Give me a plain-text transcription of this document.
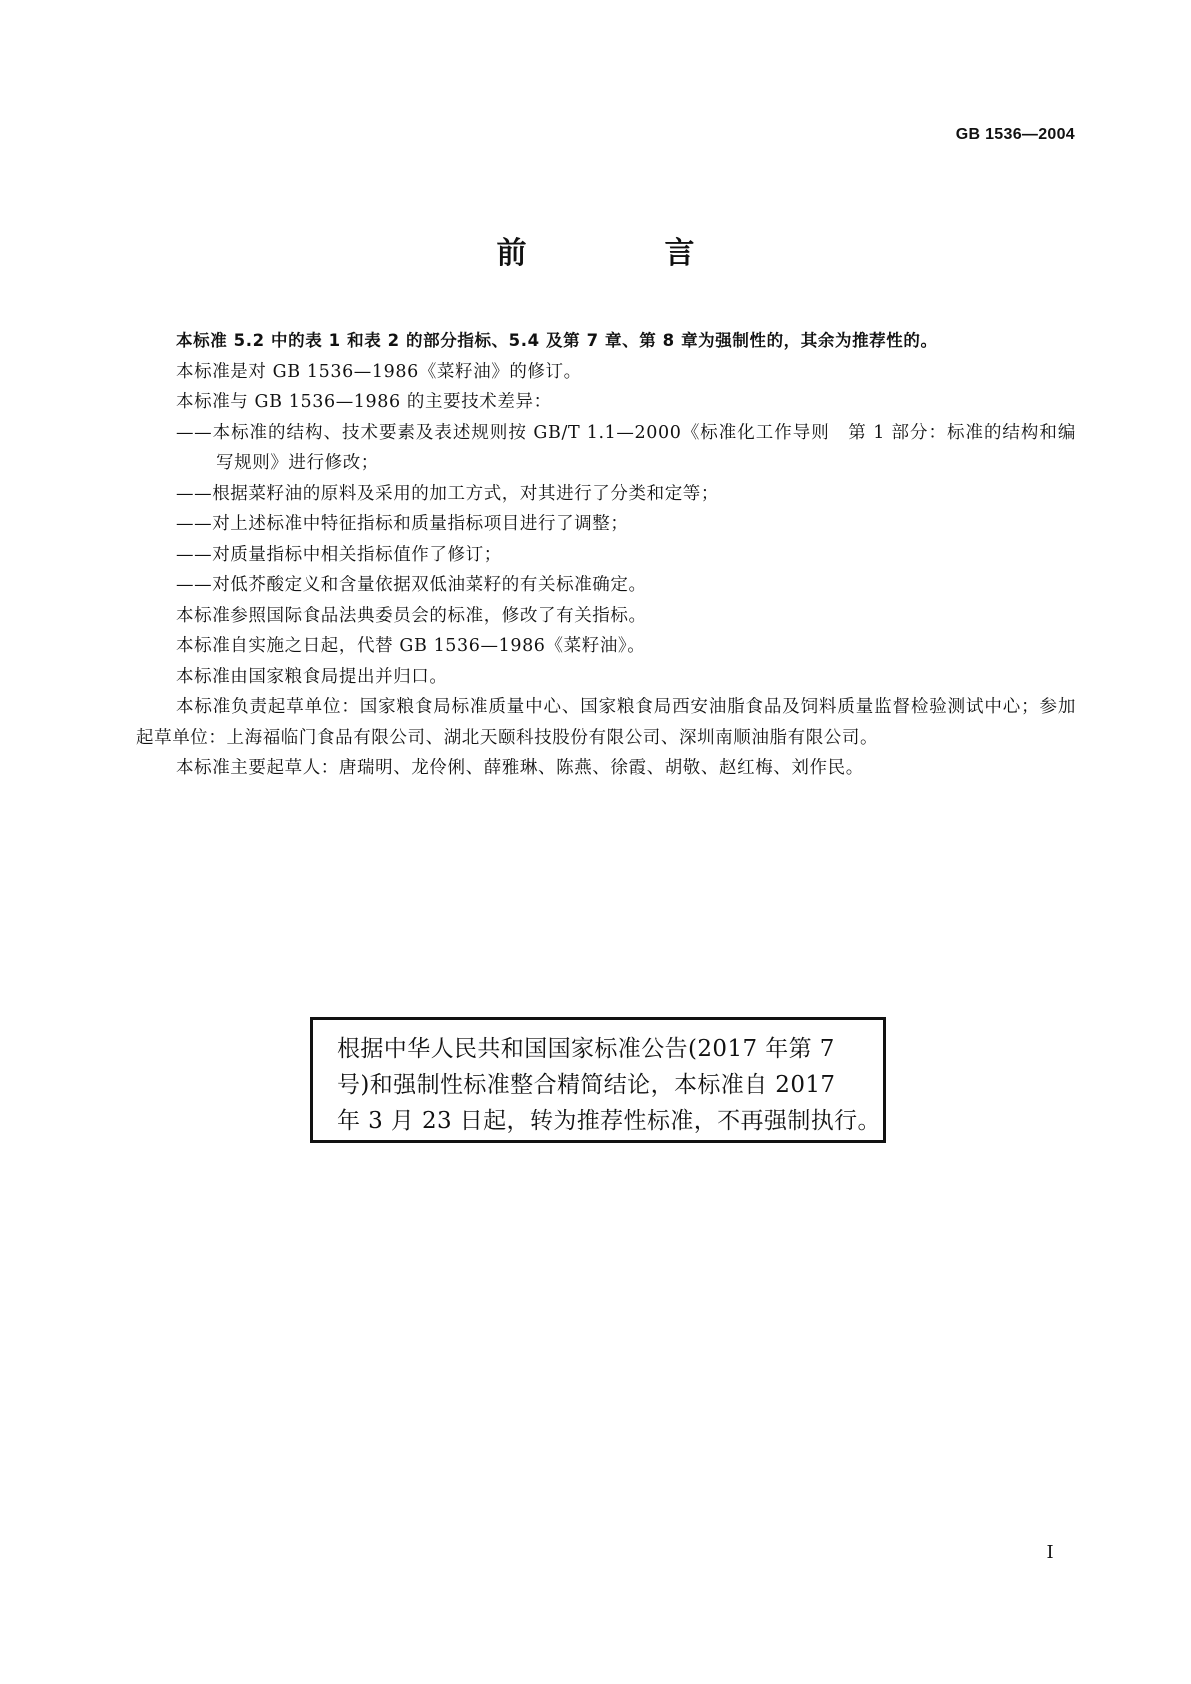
GB 1536—2004
前　言

本标准 5.2 中的表 1 和表 2 的部分指标、5.4 及第 7 章、第 8 章为强制性的，其余为推荐性的。

本标准是对 GB 1536—1986《菜籽油》的修订。

本标准与 GB 1536—1986 的主要技术差异：

——本标准的结构、技术要素及表述规则按 GB/T 1.1—2000《标准化工作导则　第 1 部分：标准的结构和编写规则》进行修改；

——根据菜籽油的原料及采用的加工方式，对其进行了分类和定等；

——对上述标准中特征指标和质量指标项目进行了调整；

——对质量指标中相关指标值作了修订；

——对低芥酸定义和含量依据双低油菜籽的有关标准确定。

本标准参照国际食品法典委员会的标准，修改了有关指标。

本标准自实施之日起，代替 GB 1536—1986《菜籽油》。

本标准由国家粮食局提出并归口。

本标准负责起草单位：国家粮食局标准质量中心、国家粮食局西安油脂食品及饲料质量监督检验测试中心；参加起草单位：上海福临门食品有限公司、湖北天颐科技股份有限公司、深圳南顺油脂有限公司。

本标准主要起草人：唐瑞明、龙伶俐、薛雅琳、陈燕、徐霞、胡敬、赵红梅、刘作民。

根据中华人民共和国国家标准公告(2017 年第 7

号)和强制性标准整合精简结论，本标准自 2017

年 3 月 23 日起，转为推荐性标准，不再强制执行。

I
